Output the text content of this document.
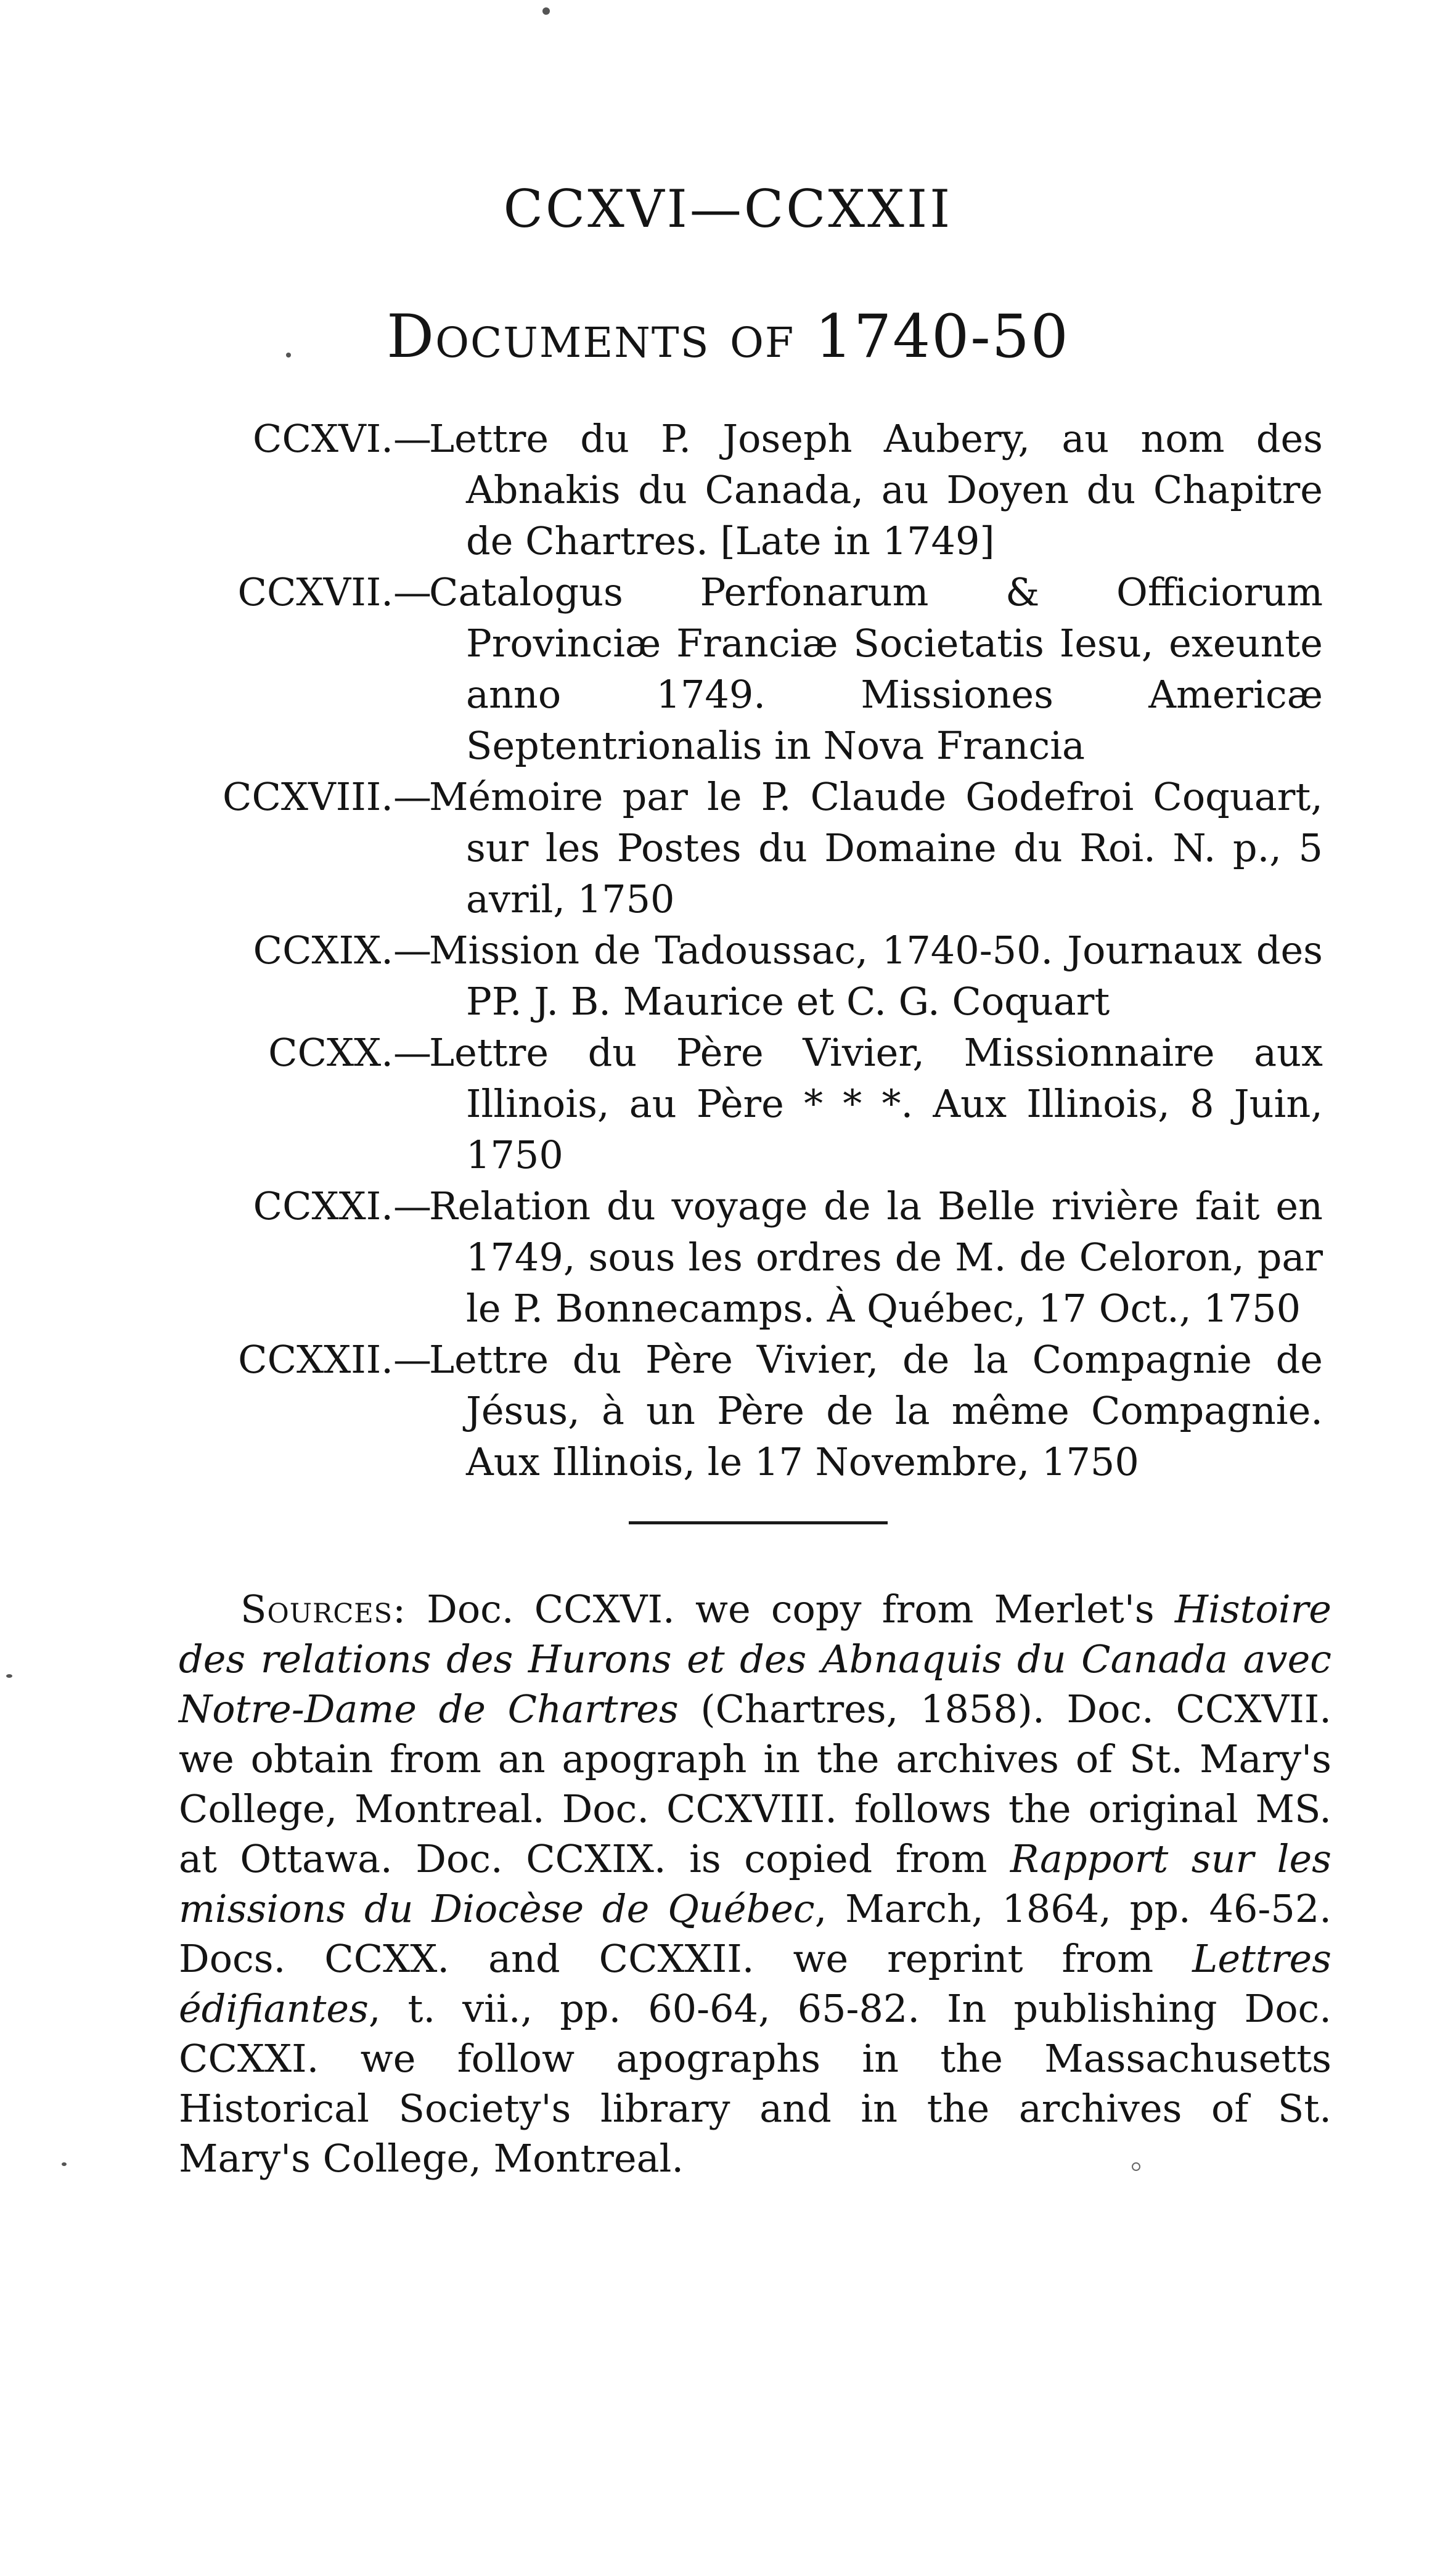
CCXVI—CCXXII
Documents of 1740-50
CCXVI.—
Lettre du P. Joseph Aubery, au nom des Abnakis du Canada, au Doyen du Chapitre de Chartres. [Late in 1749]
CCXVII.—
Catalogus Perfonarum & Officiorum Provinciæ Franciæ Societatis Iesu, exeunte anno 1749. Missiones Americæ Septentrionalis in Nova Francia
CCXVIII.—
Mémoire par le P. Claude Godefroi Coquart, sur les Postes du Domaine du Roi. N. p., 5 avril, 1750
CCXIX.—
Mission de Tadoussac, 1740-50. Journaux des PP. J. B. Maurice et C. G. Coquart
CCXX.—
Lettre du Père Vivier, Missionnaire aux Illinois, au Père * * *. Aux Illinois, 8 Juin, 1750
CCXXI.—
Relation du voyage de la Belle rivière fait en 1749, sous les ordres de M. de Celoron, par le P. Bonnecamps. À Québec, 17 Oct., 1750
CCXXII.—
Lettre du Père Vivier, de la Compagnie de Jésus, à un Père de la même Compagnie. Aux Illinois, le 17 Novembre, 1750

Sources: Doc. CCXVI. we copy from Merlet's Histoire des relations des Hurons et des Abnaquis du Canada avec Notre-Dame de Chartres (Chartres, 1858). Doc. CCXVII. we obtain from an apograph in the archives of St. Mary's College, Montreal. Doc. CCXVIII. follows the original MS. at Ottawa. Doc. CCXIX. is copied from Rapport sur les missions du Diocèse de Québec, March, 1864, pp. 46-52. Docs. CCXX. and CCXXII. we reprint from Lettres édifiantes, t. vii., pp. 60-64, 65-82. In publishing Doc. CCXXI. we follow apographs in the Massachusetts Historical Society's library and in the archives of St. Mary's College, Montreal.
